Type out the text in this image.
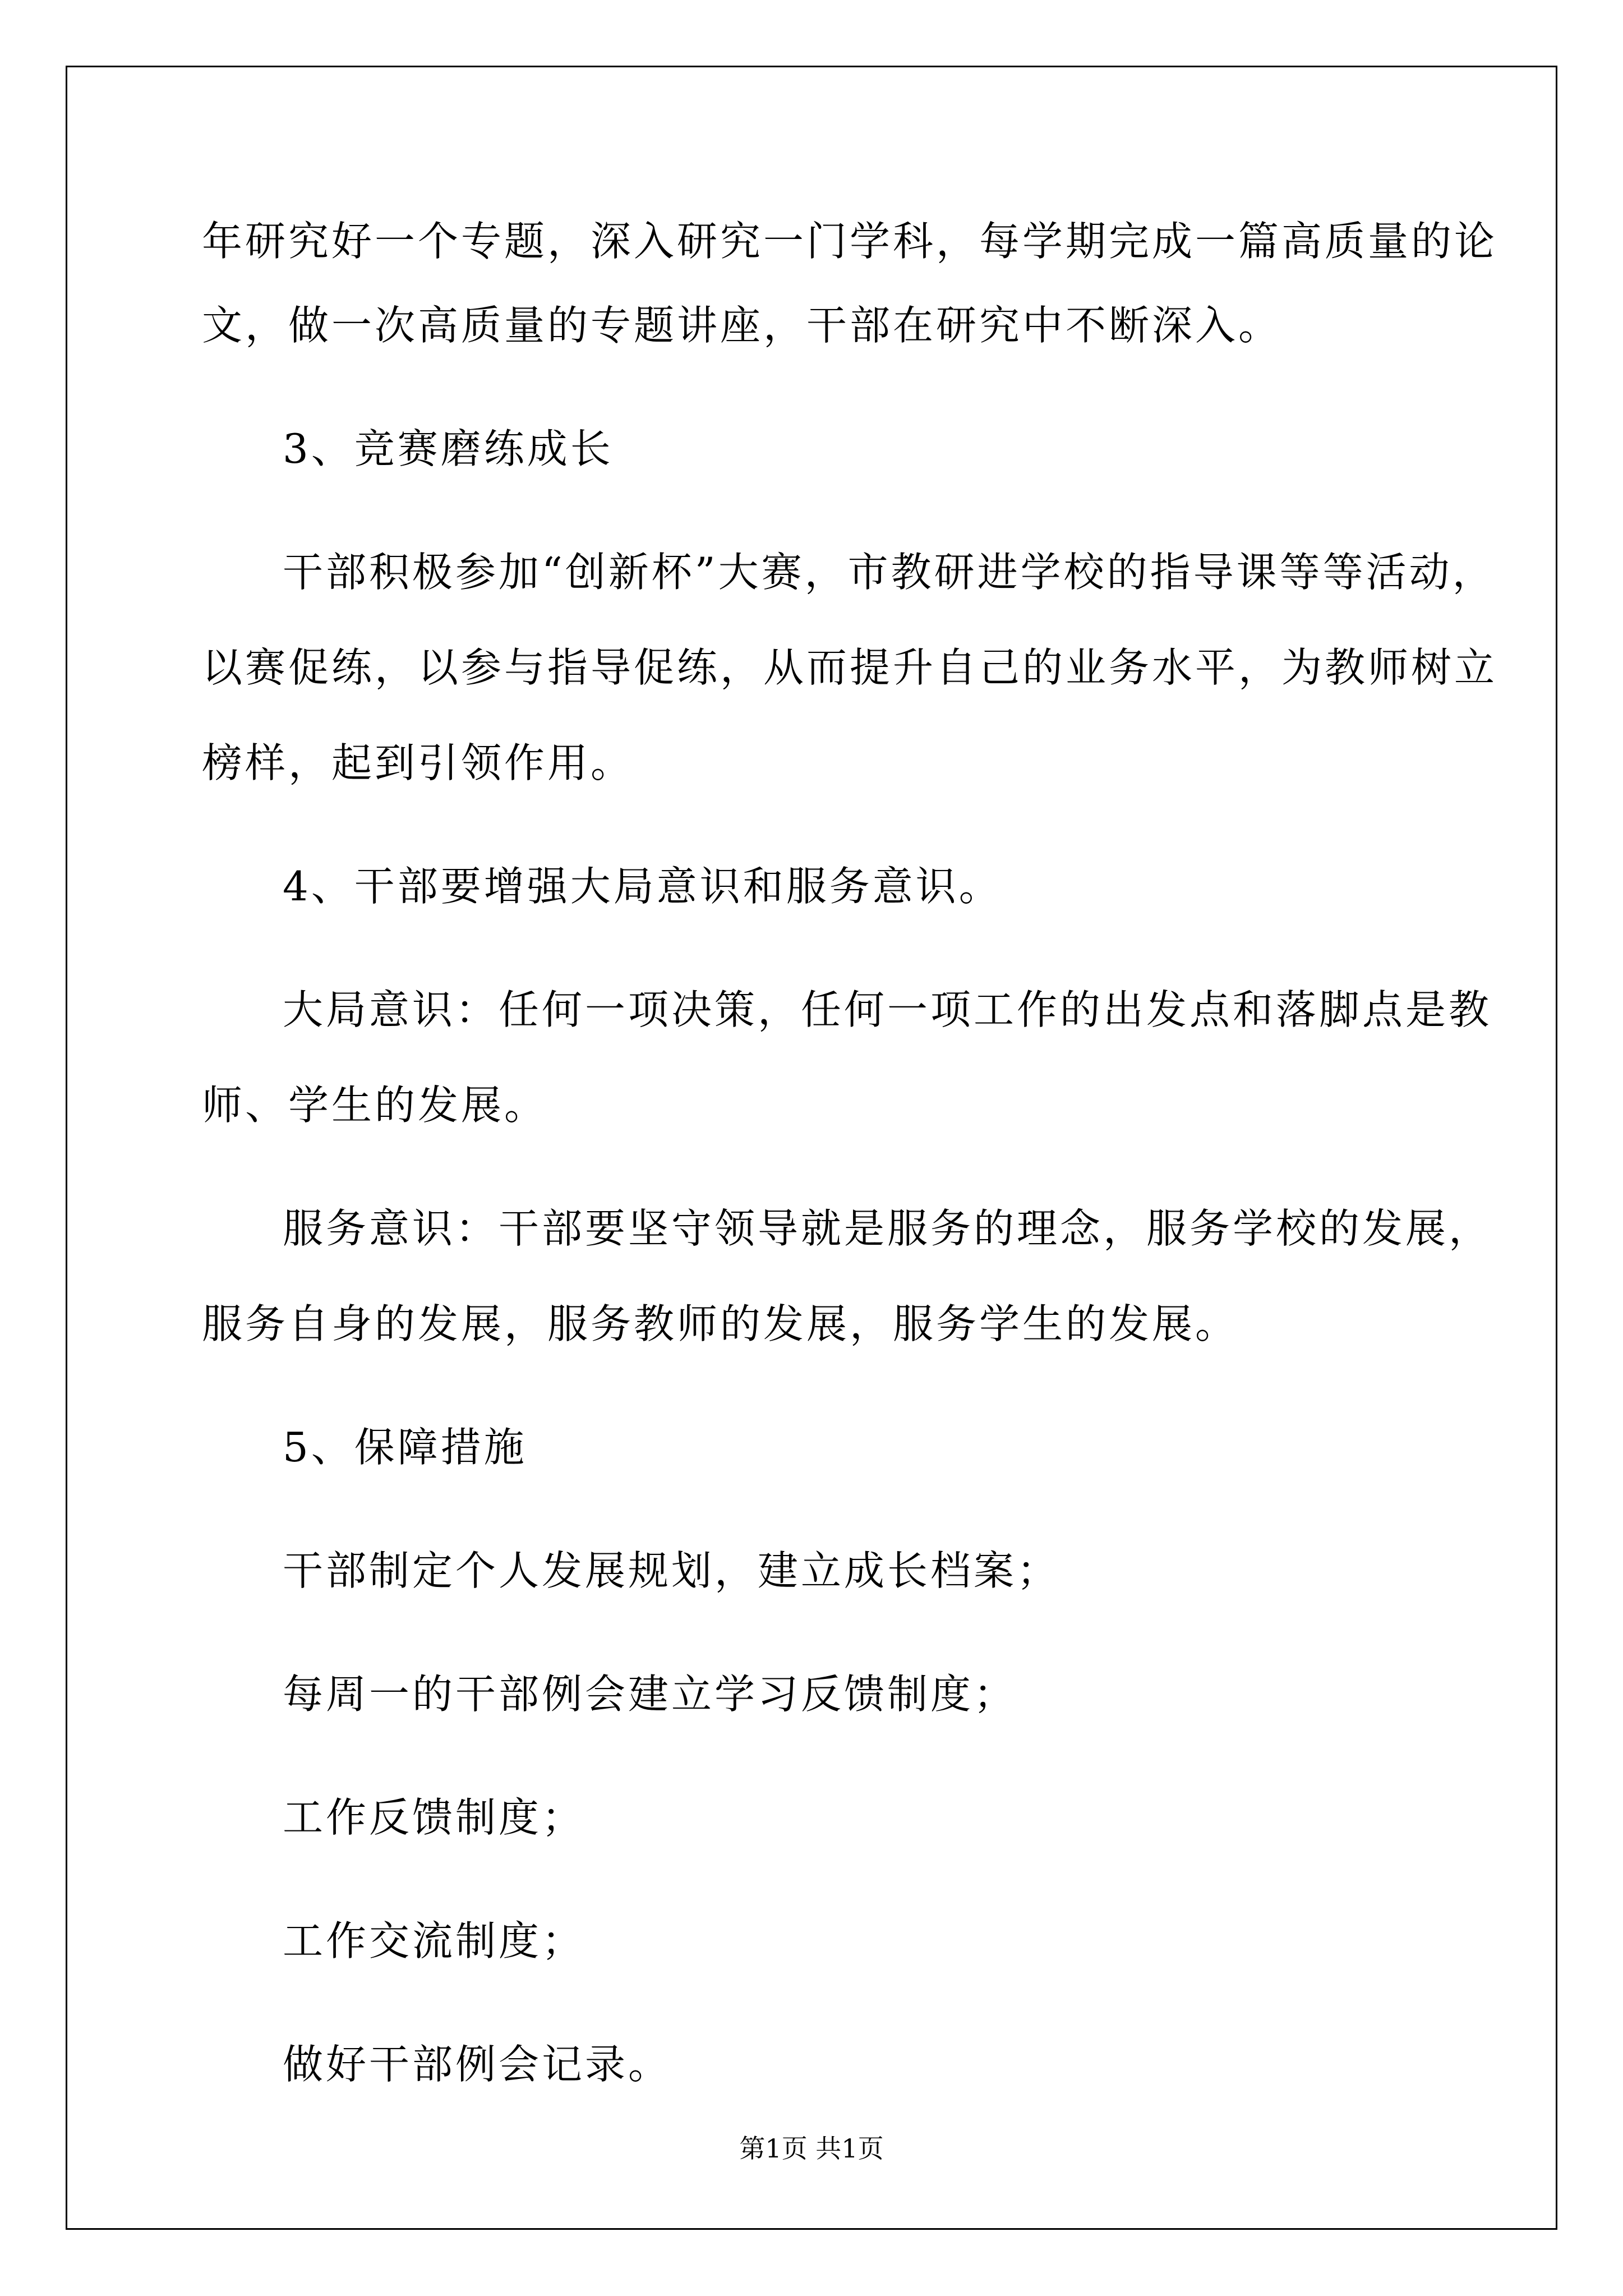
年研究好一个专题，深入研究一门学科，每学期完成一篇高质量的论
文，做一次高质量的专题讲座，干部在研究中不断深入。
3、竞赛磨练成长
干部积极参加“创新杯”大赛，市教研进学校的指导课等等活动，
以赛促练，以参与指导促练，从而提升自己的业务水平，为教师树立
榜样，起到引领作用。
4、干部要增强大局意识和服务意识。
大局意识：任何一项决策，任何一项工作的出发点和落脚点是教
师、学生的发展。
服务意识：干部要坚守领导就是服务的理念，服务学校的发展，
服务自身的发展，服务教师的发展，服务学生的发展。
5、保障措施
干部制定个人发展规划，建立成长档案；
每周一的干部例会建立学习反馈制度；
工作反馈制度；
工作交流制度；
做好干部例会记录。
第1页 共1页
